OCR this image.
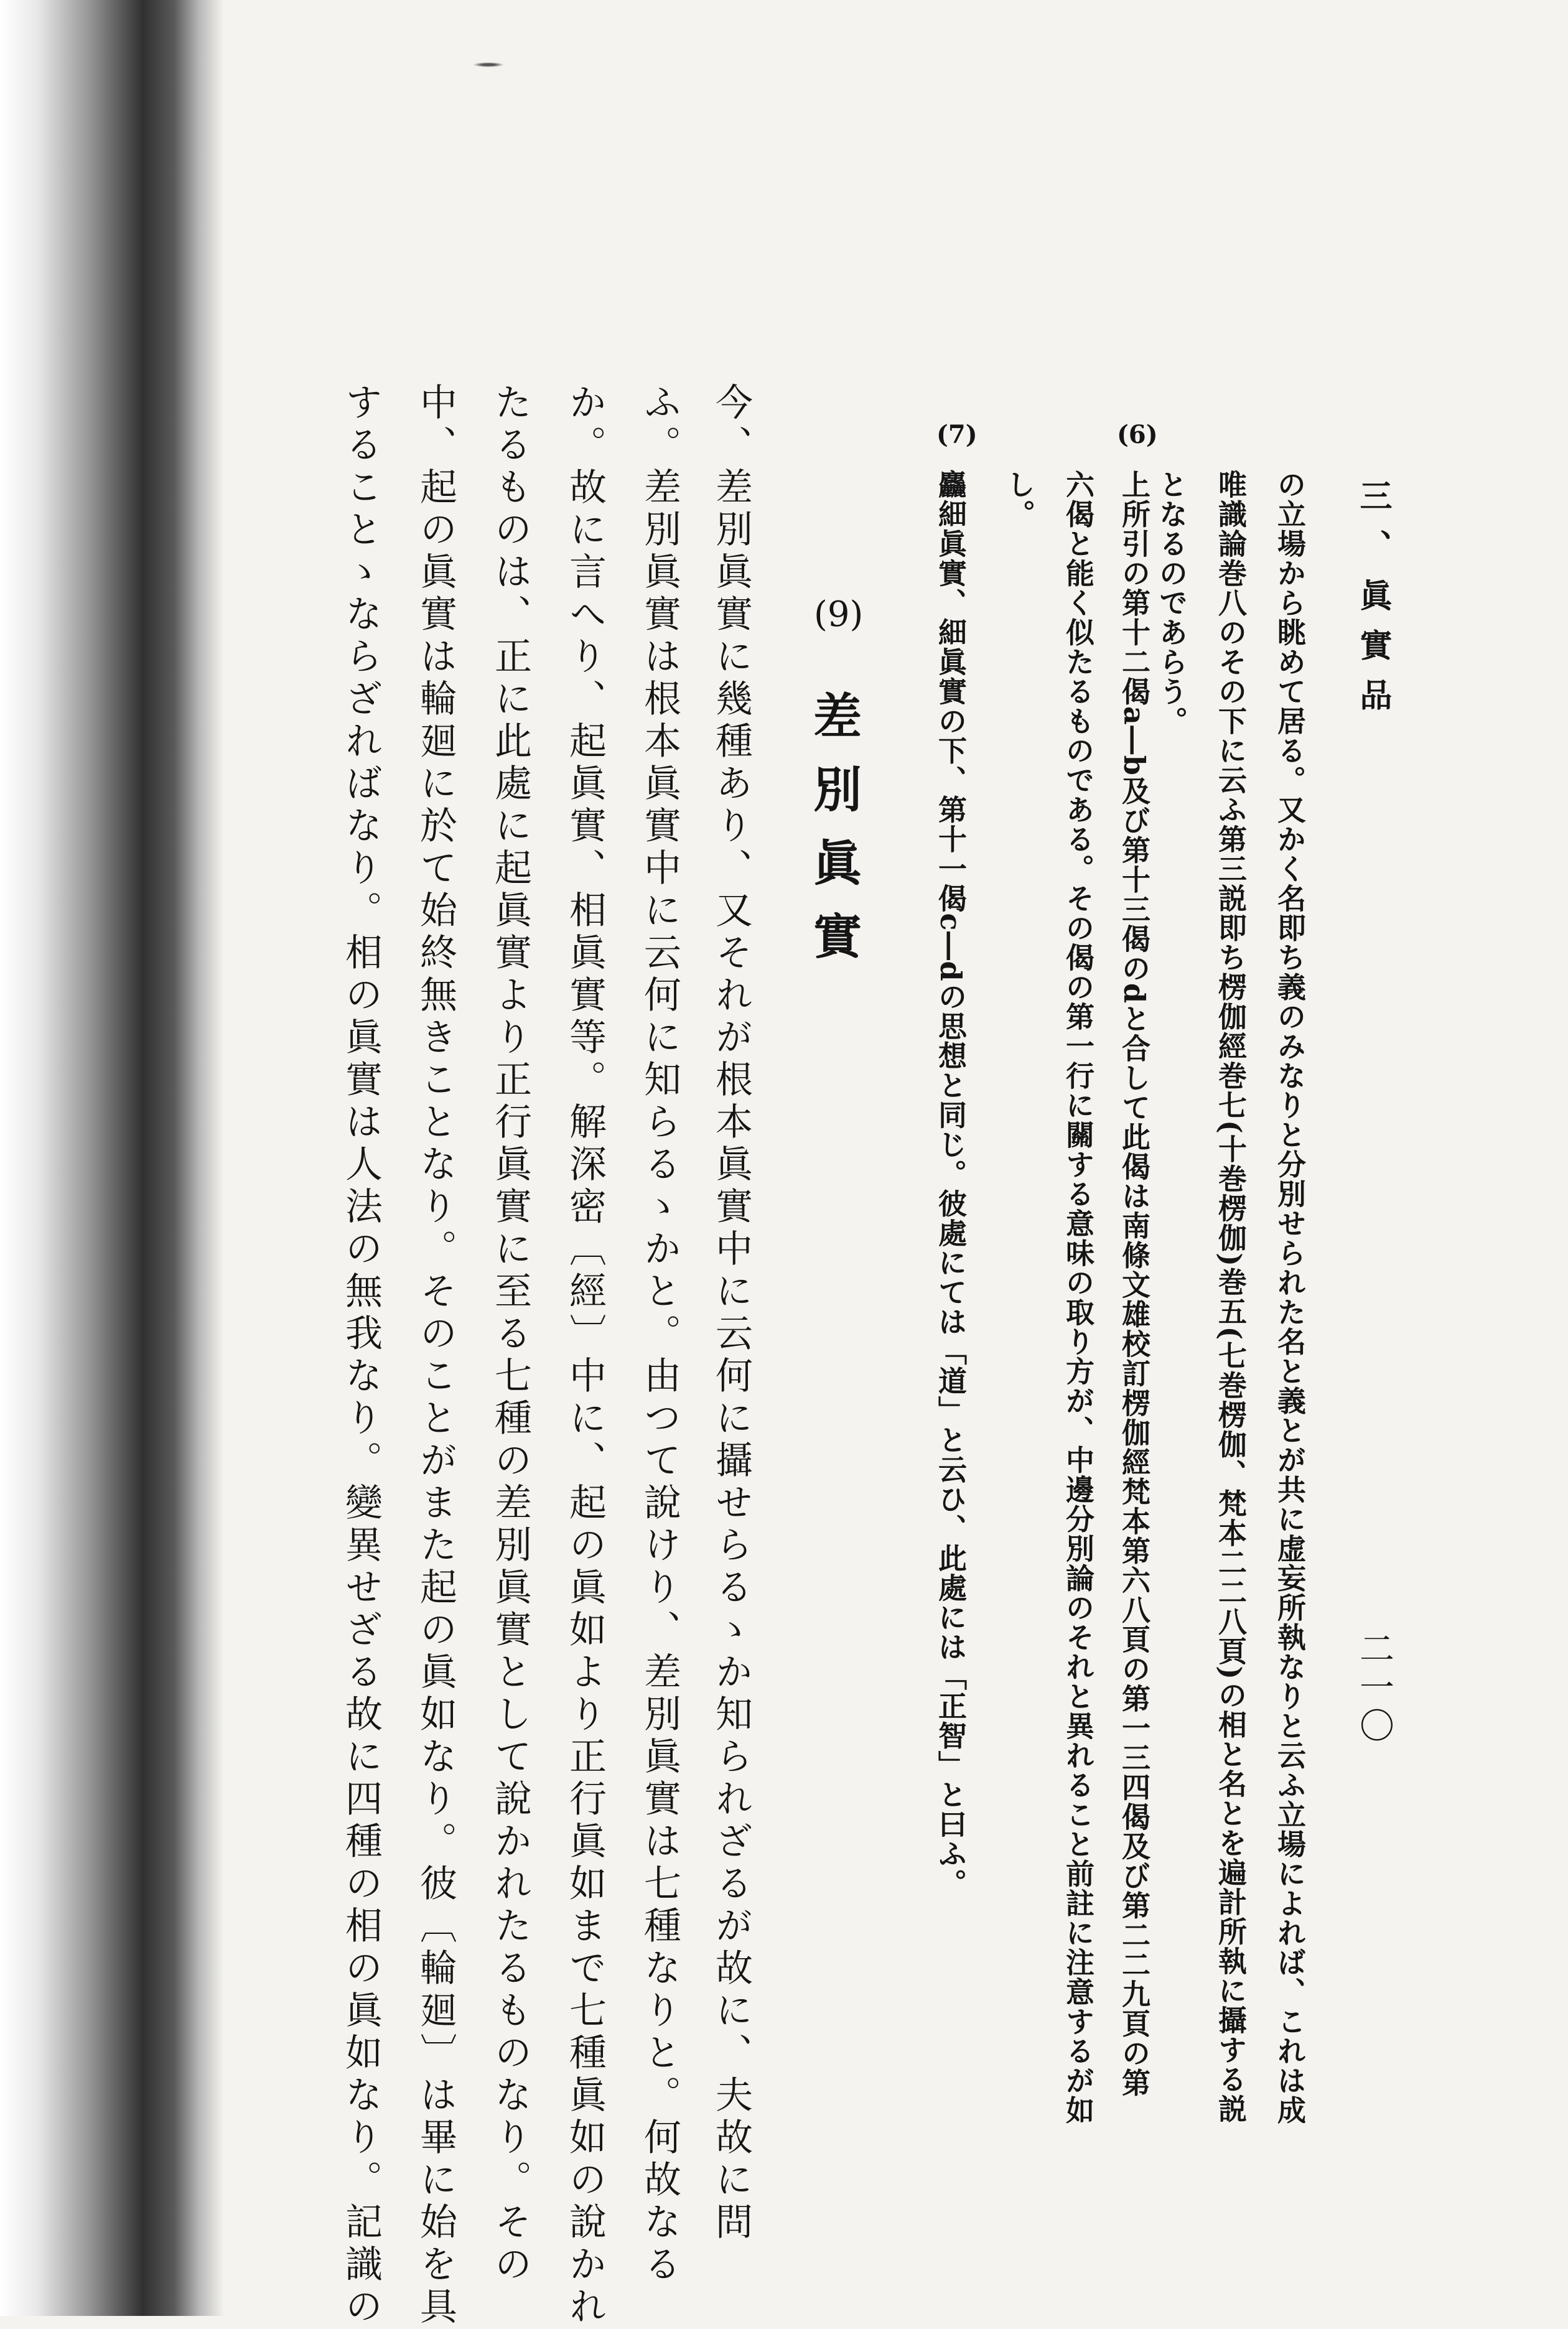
三、眞實品
二一〇
の立場から眺めて居る。又かく名即ち義のみなりと分別せられた名と義とが共に虚妄所執なりと云ふ立場によれば、これは成
唯識論巻八のその下に云ふ第三説即ち楞伽經巻七(十巻楞伽)巻五(七巻楞伽、梵本二二八頁)の相と名とを遍計所執に攝する説
となるのであらう。
(6)
上所引の第十二偈a―b及び第十三偈のdと合して此偈は南條文雄校訂楞伽經梵本第六八頁の第一三四偈及び第二二九頁の第
六偈と能く似たるものである。その偈の第一行に關する意味の取り方が、中邊分別論のそれと異れること前註に注意するが如
し。
(7)
麤細眞實、細眞實の下、第十一偈c―dの思想と同じ。彼處にては「道」と云ひ、此處には「正智」と曰ふ。
(9)
差別眞實
今、差別眞實に幾種あり、又それが根本眞實中に云何に攝せらるゝか知られざるが故に、夫故に問
ふ。差別眞實は根本眞實中に云何に知らるゝかと。由つて說けり、差別眞實は七種なりと。何故なる
か。故に言へり、起眞實、相眞實等。解深密〔經〕中に、起の眞如より正行眞如まで七種眞如の說かれ
たるものは、正に此處に起眞實より正行眞實に至る七種の差別眞實として說かれたるものなり。その
中、起の眞實は輪廻に於て始終無きことなり。そのことがまた起の眞如なり。彼〔輪廻〕は畢に始を具
することゝならざればなり。相の眞實は人法の無我なり。變異せざる故に四種の相の眞如なり。記識の
